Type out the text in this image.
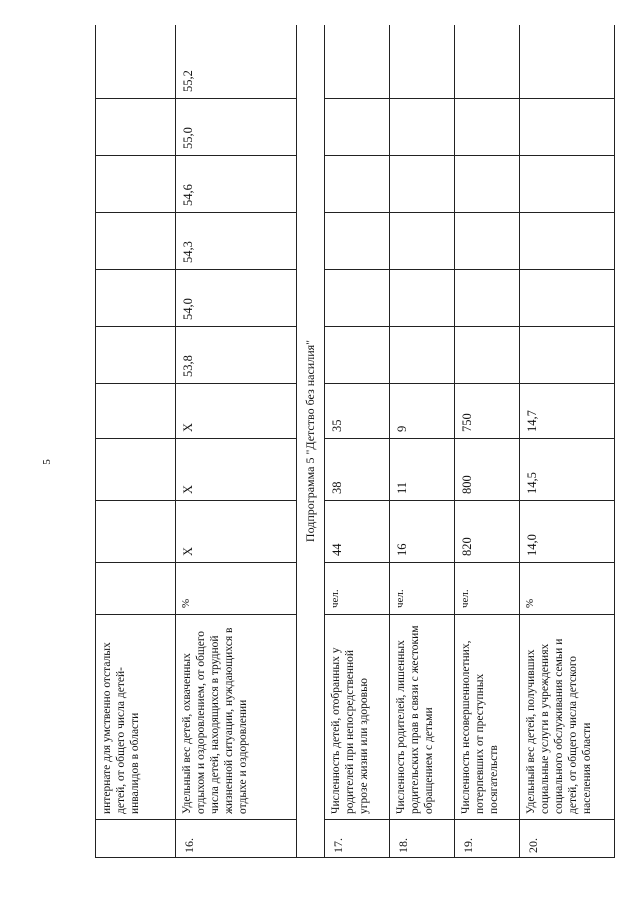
5
	интернате для умственно отсталых детей, от общего числа детей-инвалидов в области										
16.	Удельный вес детей, охваченных отдыхом и оздоровлением, от общего числа детей, находящихся в трудной жизненной ситуации, нуждающихся в отдыхе и оздоровлении	%	X	X	X	53,8	54,0	54,3	54,6	55,0	55,2
Подпрограмма 5 "Детство без насилия"											
17.	Численность детей, отобранных у родителей при непосредственной угрозе жизни или здоровью	чел.	44	38	35						
18.	Численность родителей, лишенных родительских прав в связи с жестоким обращением с детьми	чел.	16	11	9						
19.	Численность несовершеннолетних, потерпевших от преступных посягательств	чел.	820	800	750						
20.	Удельный вес детей, получивших социальные услуги в учреждениях социального обслуживания семьи и детей, от общего числа детского населения области	%	14,0	14,5	14,7						
